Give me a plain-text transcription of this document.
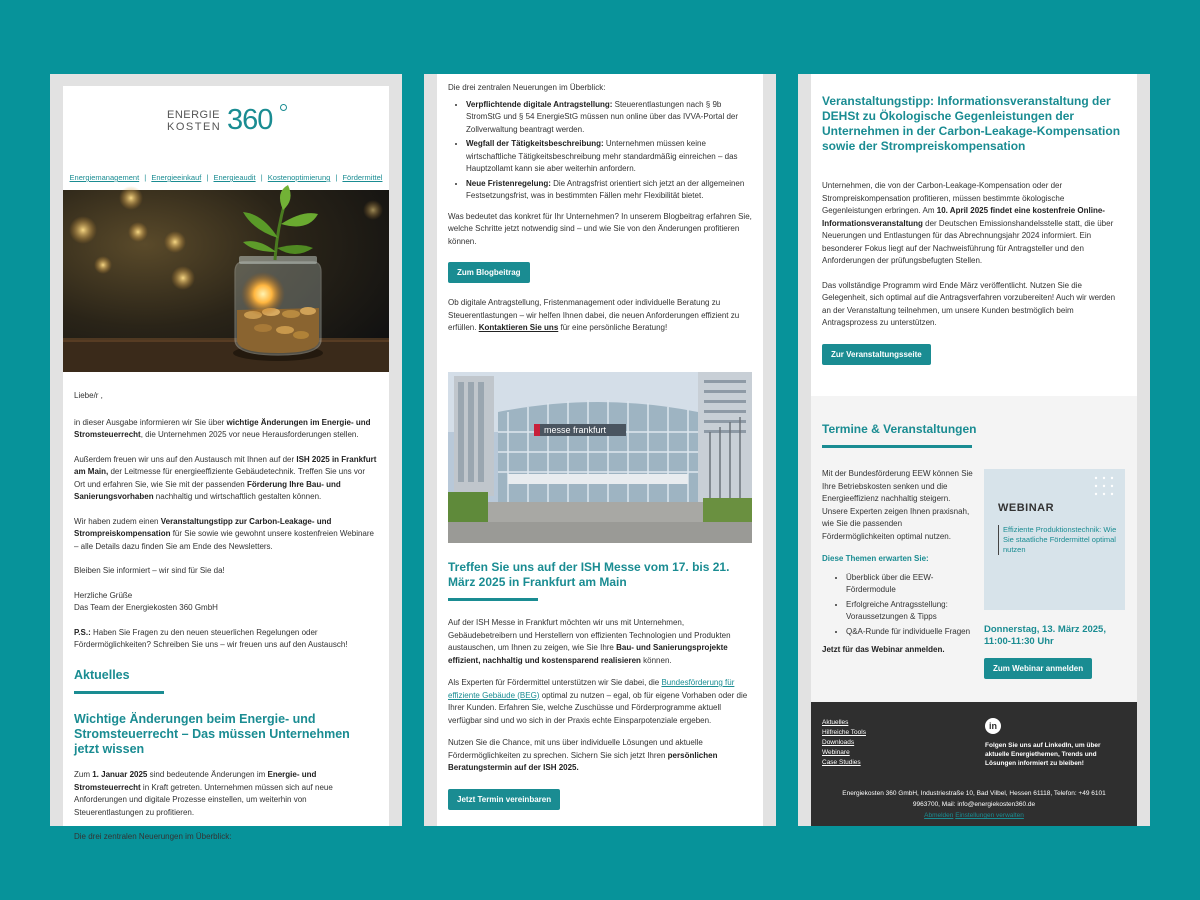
ENERGIE
KOSTEN 360
Energiemanagement | Energieeinkauf | Energieaudit | Kostenoptimierung | Fördermittel

Liebe/r ,

in dieser Ausgabe informieren wir Sie über wichtige Änderungen im Energie- und Stromsteuerrecht, die Unternehmen 2025 vor neue Herausforderungen stellen.

Außerdem freuen wir uns auf den Austausch mit Ihnen auf der ISH 2025 in Frankfurt am Main, der Leitmesse für energieeffiziente Gebäudetechnik. Treffen Sie uns vor Ort und erfahren Sie, wie Sie mit der passenden Förderung Ihre Bau- und Sanierungsvorhaben nachhaltig und wirtschaftlich gestalten können.

Wir haben zudem einen Veranstaltungstipp zur Carbon-Leakage- und Strompreiskompensation für Sie sowie wie gewohnt unsere kostenfreien Webinare – alle Details dazu finden Sie am Ende des Newsletters.

Bleiben Sie informiert – wir sind für Sie da!

Herzliche Grüße

Das Team der Energiekosten 360 GmbH

P.S.: Haben Sie Fragen zu den neuen steuerlichen Regelungen oder Fördermöglichkeiten? Schreiben Sie uns – wir freuen uns auf den Austausch!

Aktuelles
Wichtige Änderungen beim Energie- und Stromsteuerrecht – Das müssen Unternehmen jetzt wissen

Zum 1. Januar 2025 sind bedeutende Änderungen im Energie- und Stromsteuerrecht in Kraft getreten. Unternehmen müssen sich auf neue Anforderungen und digitale Prozesse einstellen, um weiterhin von Steuerentlastungen zu profitieren.

Die drei zentralen Neuerungen im Überblick:

Die drei zentralen Neuerungen im Überblick:

• Verpflichtende digitale Antragstellung: Steuerentlastungen nach § 9b StromStG und § 54 EnergieStG müssen nun online über das IVVA-Portal der Zollverwaltung beantragt werden.
• Wegfall der Tätigkeitsbeschreibung: Unternehmen müssen keine wirtschaftliche Tätigkeitsbeschreibung mehr standardmäßig einreichen – das Hauptzollamt kann sie aber weiterhin anfordern.
• Neue Fristenregelung: Die Antragsfrist orientiert sich jetzt an der allgemeinen Festsetzungsfrist, was in bestimmten Fällen mehr Flexibilität bietet.

Was bedeutet das konkret für Ihr Unternehmen? In unserem Blogbeitrag erfahren Sie, welche Schritte jetzt notwendig sind – und wie Sie von den Änderungen profitieren können.

Zum Blogbeitrag

Ob digitale Antragstellung, Fristenmanagement oder individuelle Beratung zu Steuerentlastungen – wir helfen Ihnen dabei, die neuen Anforderungen effizient zu erfüllen. Kontaktieren Sie uns für eine persönliche Beratung!

messe frankfurt
Treffen Sie uns auf der ISH Messe vom 17. bis 21. März 2025 in Frankfurt am Main

Auf der ISH Messe in Frankfurt möchten wir uns mit Unternehmen, Gebäudebetreibern und Herstellern von effizienten Technologien und Produkten austauschen, um Ihnen zu zeigen, wie Sie Ihre Bau- und Sanierungsprojekte effizient, nachhaltig und kostensparend realisieren können.

Als Experten für Fördermittel unterstützen wir Sie dabei, die Bundesförderung für effiziente Gebäude (BEG) optimal zu nutzen – egal, ob für eigene Vorhaben oder die Ihrer Kunden. Erfahren Sie, welche Zuschüsse und Förderprogramme aktuell verfügbar sind und wo sich in der Praxis echte Einsparpotenziale ergeben.

Nutzen Sie die Chance, mit uns über individuelle Lösungen und aktuelle Fördermöglichkeiten zu sprechen. Sichern Sie sich jetzt Ihren persönlichen Beratungstermin auf der ISH 2025.

Jetzt Termin vereinbaren
Veranstaltungstipp: Informationsveranstaltung der DEHSt zu Ökologische Gegenleistungen der Unternehmen in der Carbon-Leakage-Kompensation sowie der Strompreiskompensation

Unternehmen, die von der Carbon-Leakage-Kompensation oder der Strompreiskompensation profitieren, müssen bestimmte ökologische Gegenleistungen erbringen. Am 10. April 2025 findet eine kostenfreie Online-Informationsveranstaltung der Deutschen Emissionshandelsstelle statt, die über Neuerungen und Entlastungen für das Abrechnungsjahr 2024 informiert. Ein besonderer Fokus liegt auf der Nachweisführung für Antragsteller und den Anforderungen der prüfungsbefugten Stellen.

Das vollständige Programm wird Ende März veröffentlicht. Nutzen Sie die Gelegenheit, sich optimal auf die Antragsverfahren vorzubereiten! Auch wir werden an der Veranstaltung teilnehmen, um unsere Kunden bestmöglich beim Antragsprozess zu unterstützen.

Zur Veranstaltungsseite
Termine & Veranstaltungen

Mit der Bundesförderung EEW können Sie Ihre Betriebskosten senken und die Energieeffizienz nachhaltig steigern. Unsere Experten zeigen Ihnen praxisnah, wie Sie die passenden Fördermöglichkeiten optimal nutzen.

Diese Themen erwarten Sie:

• Überblick über die EEW-Fördermodule
• Erfolgreiche Antragsstellung: Voraussetzungen & Tipps
• Q&A-Runde für individuelle Fragen

Jetzt für das Webinar anmelden.

WEBINAR
Effiziente Produktionstechnik: Wie Sie staatliche Fördermittel optimal nutzen
Donnerstag, 13. März 2025, 11:00-11:30 Uhr
Zum Webinar anmelden
Aktuelles
Hilfreiche Tools
Downloads
Webinare
Case Studies
in
Folgen Sie uns auf LinkedIn, um über aktuelle Energiethemen, Trends und Lösungen informiert zu bleiben!
Energiekosten 360 GmbH, Industriestraße 10, Bad Vilbel, Hessen 61118, Telefon: +49 6101 9963700, Mail: info@energiekosten360.de
Abmelden Einstellungen verwalten
